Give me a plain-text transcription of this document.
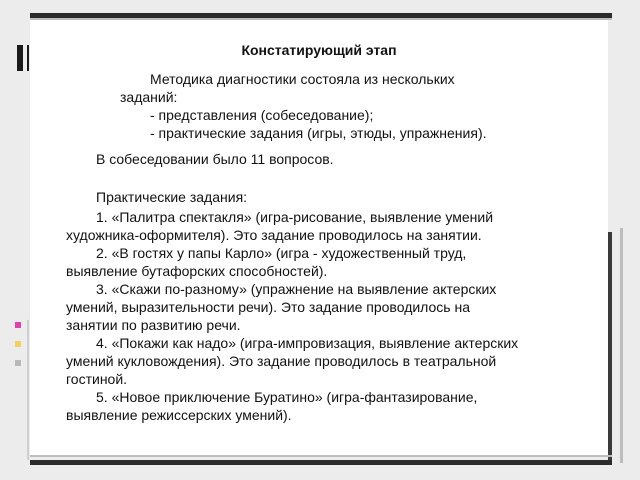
Констатирующий этап
Методика диагностики состояла из нескольких
заданий:
- представления (собеседование);
- практические задания (игры, этюды, упражнения).
В собеседовании было 11 вопросов.
Практические задания:
1. «Палитра спектакля» (игра-рисование, выявление умений
художника-оформителя). Это задание проводилось на занятии.
2. «В гостях у папы Карло» (игра - художественный труд,
выявление бутафорских способностей).
3. «Скажи по-разному» (упражнение на выявление актерских
умений, выразительности речи). Это задание проводилось на
занятии по развитию речи.
4. «Покажи как надо» (игра-импровизация, выявление актерских
умений кукловождения). Это задание проводилось в театральной
гостиной.
5. «Новое приключение Буратино» (игра-фантазирование,
выявление режиссерских умений).
